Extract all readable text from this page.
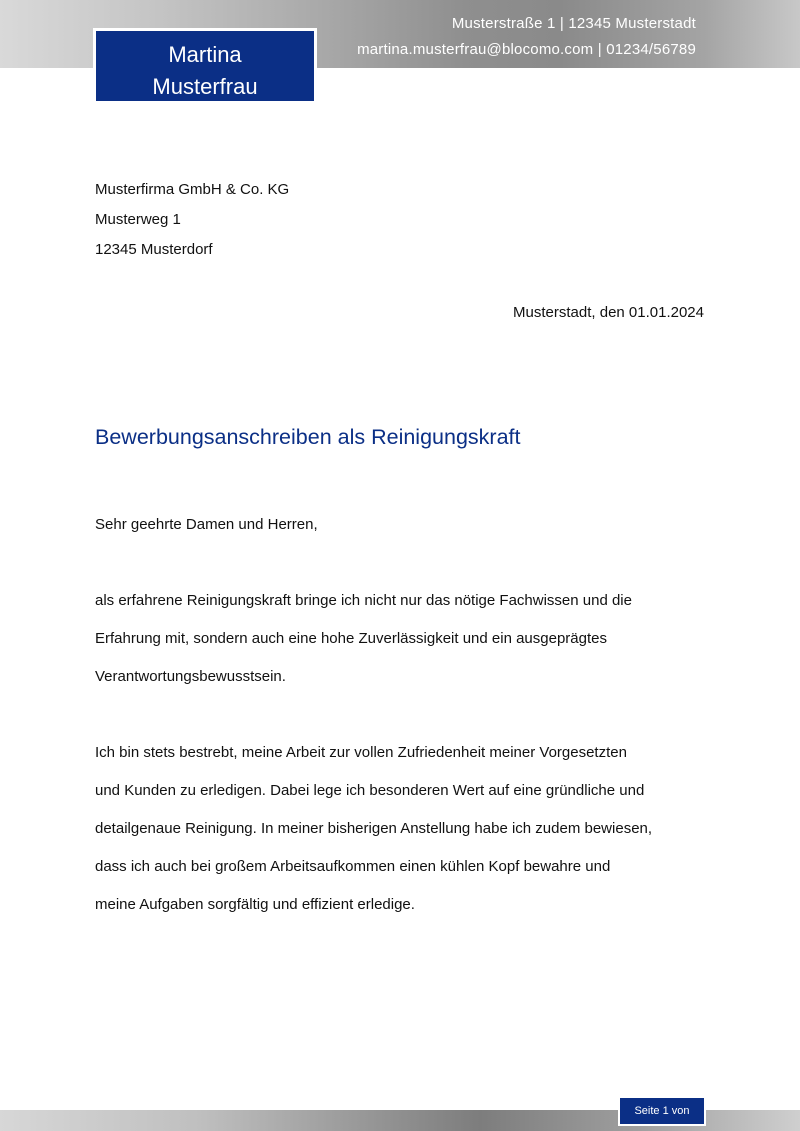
Martina
Musterfrau
Musterstraße 1 | 12345 Musterstadt
martina.musterfrau@blocomo.com | 01234/56789
Musterfirma GmbH & Co. KG
Musterweg 1
12345 Musterdorf
Musterstadt, den 01.01.2024
Bewerbungsanschreiben als Reinigungskraft
Sehr geehrte Damen und Herren,
als erfahrene Reinigungskraft bringe ich nicht nur das nötige Fachwissen und die
Erfahrung mit, sondern auch eine hohe Zuverlässigkeit und ein ausgeprägtes
Verantwortungsbewusstsein.
Ich bin stets bestrebt, meine Arbeit zur vollen Zufriedenheit meiner Vorgesetzten
und Kunden zu erledigen. Dabei lege ich besonderen Wert auf eine gründliche und
detailgenaue Reinigung. In meiner bisherigen Anstellung habe ich zudem bewiesen,
dass ich auch bei großem Arbeitsaufkommen einen kühlen Kopf bewahre und
meine Aufgaben sorgfältig und effizient erledige.
Seite 1 von
